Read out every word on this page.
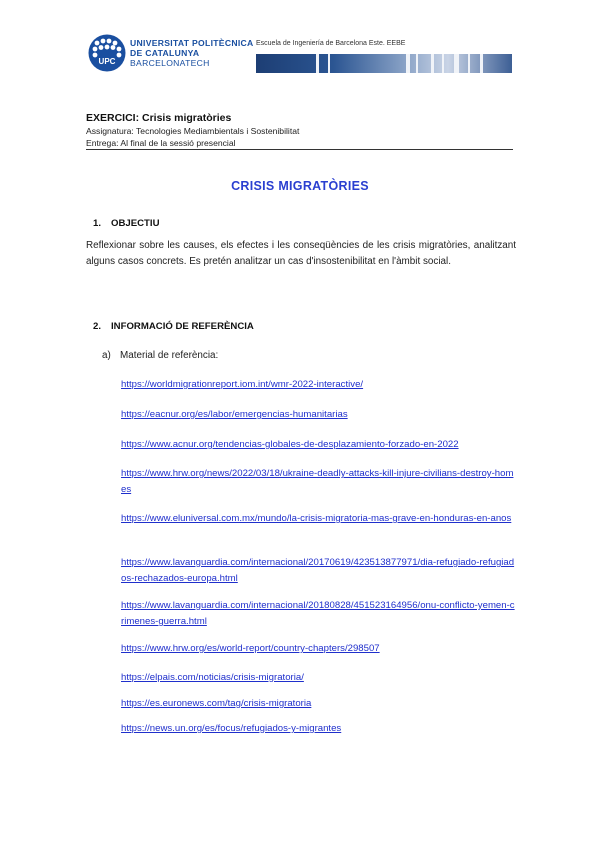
UPC
UNIVERSITAT POLITÈCNICA
DE CATALUNYA
BARCELONATECH
Escuela de Ingeniería de Barcelona Este. EEBE
EXERCICI: Crisis migratòries
Assignatura: Tecnologies Mediambientals i Sostenibilitat
Entrega: Al final de la sessió presencial
CRISIS MIGRATÒRIES
1. OBJECTIU
Reflexionar sobre les causes, els efectes i les conseqüències de les crisis migratòries, analitzant alguns casos concrets. Es pretén analitzar un cas d'insostenibilitat en l'àmbit social.
2. INFORMACIÓ DE REFERÈNCIA
a) Material de referència:
https://worldmigrationreport.iom.int/wmr-2022-interactive/
https://eacnur.org/es/labor/emergencias-humanitarias
https://www.acnur.org/tendencias-globales-de-desplazamiento-forzado-en-2022
https://www.hrw.org/news/2022/03/18/ukraine-deadly-attacks-kill-injure-civilians-destroy-homes
https://www.eluniversal.com.mx/mundo/la-crisis-migratoria-mas-grave-en-honduras-en-anos
https://www.lavanguardia.com/internacional/20170619/423513877971/dia-refugiado-refugiados-rechazados-europa.html
https://www.lavanguardia.com/internacional/20180828/451523164956/onu-conflicto-yemen-crimenes-guerra.html
https://www.hrw.org/es/world-report/country-chapters/298507
https://elpais.com/noticias/crisis-migratoria/
https://es.euronews.com/tag/crisis-migratoria
https://news.un.org/es/focus/refugiados-y-migrantes
